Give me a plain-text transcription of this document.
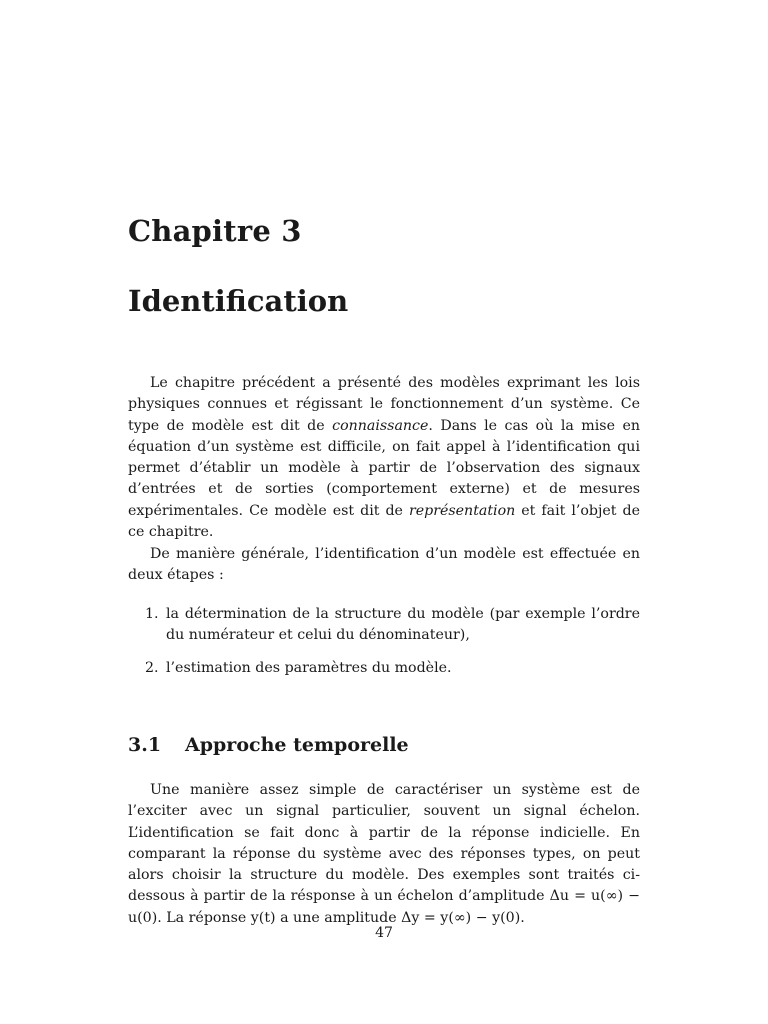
Chapitre 3
Identification

Le chapitre précédent a présenté des modèles exprimant les lois physiques connues et régissant le fonctionnement d’un système. Ce type de modèle est dit de connaissance. Dans le cas où la mise en équation d’un système est difficile, on fait appel à l’identification qui permet d’établir un modèle à partir de l’observation des signaux d’entrées et de sorties (comportement externe) et de mesures expérimentales. Ce modèle est dit de représentation et fait l’objet de ce chapitre.

De manière générale, l’identification d’un modèle est effectuée en deux étapes :

1. la détermination de la structure du modèle (par exemple l’ordre du numérateur et celui du dénominateur),
2. l’estimation des paramètres du modèle.
3.1 Approche temporelle

Une manière assez simple de caractériser un système est de l’exciter avec un signal particulier, souvent un signal échelon. L’identification se fait donc à partir de la réponse indicielle. En comparant la réponse du système avec des réponses types, on peut alors choisir la structure du modèle. Des exemples sont traités ci-dessous à partir de la résponse à un échelon d’amplitude Δu = u(∞) − u(0). La réponse y(t) a une amplitude Δy = y(∞) − y(0).

47
